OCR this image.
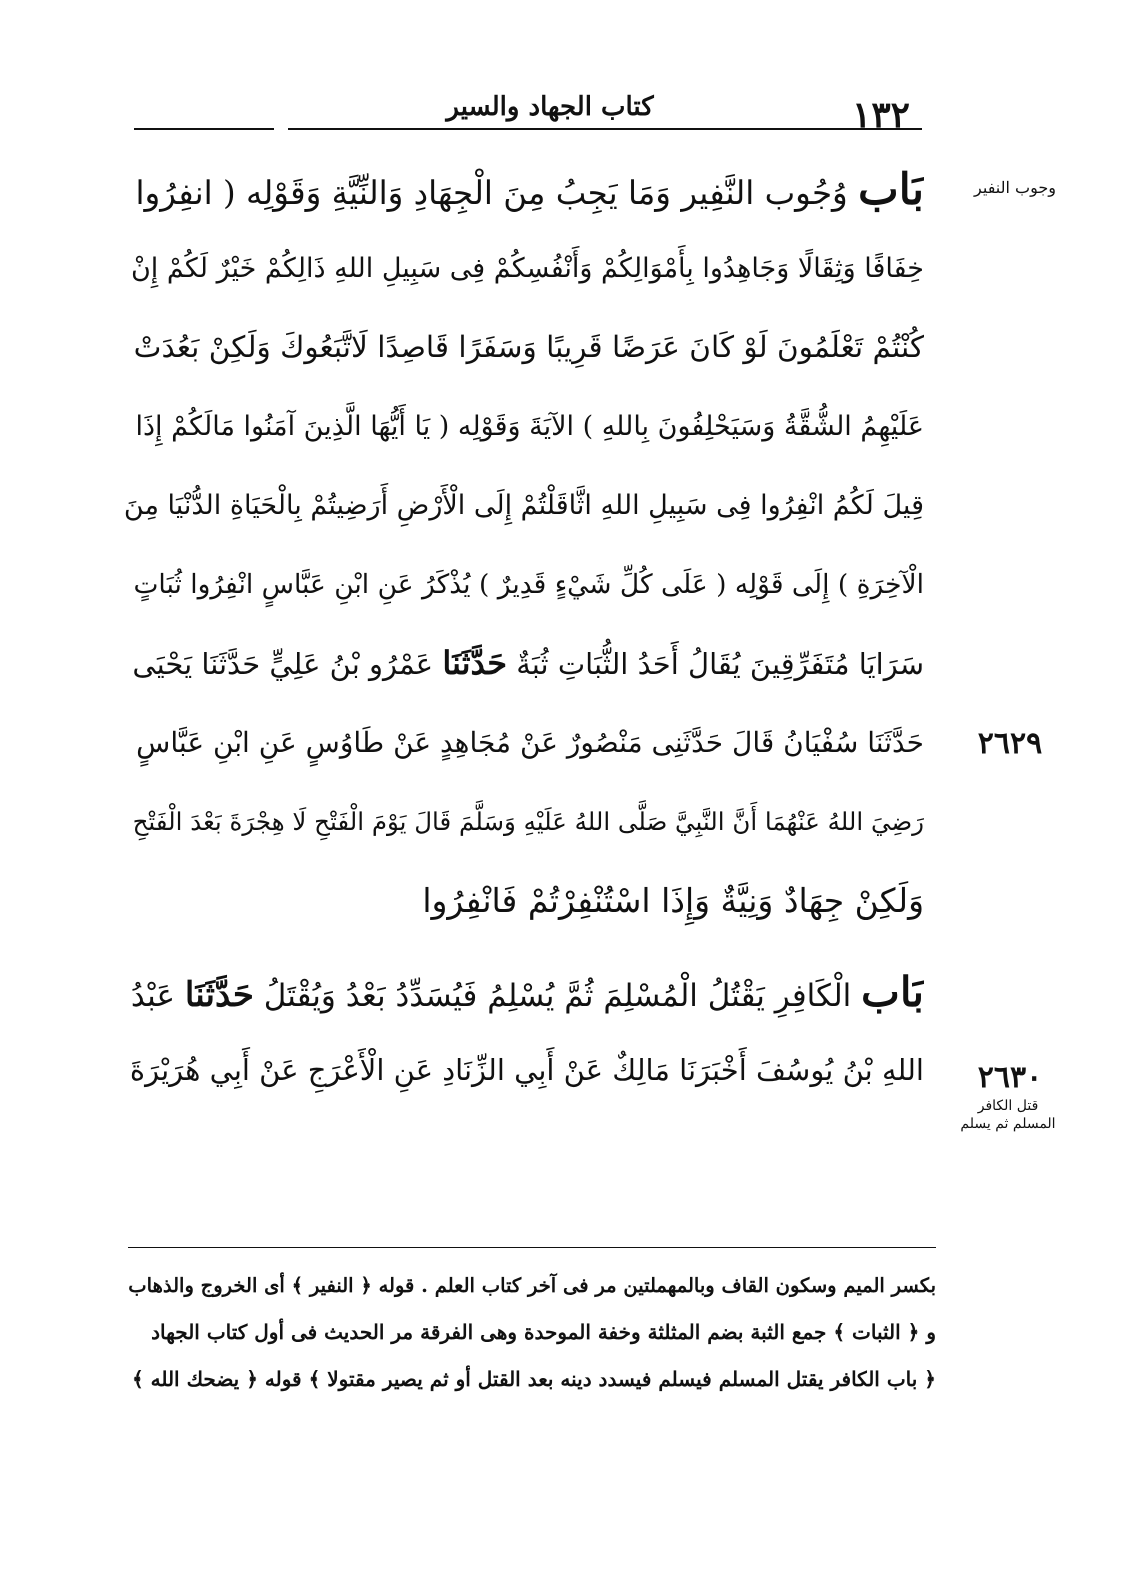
١٣٢
كتاب الجهاد والسير
وجوب النفير
٢٦٢٩
٢٦٣٠
قتل الكافر
المسلم ثم يسلم
بَاب وُجُوب النَّفِير وَمَا يَجِبُ مِنَ الْجِهَادِ وَالنِّيَّةِ وَقَوْلِه ( انفِرُوا
خِفَافًا وَثِقَالًا وَجَاهِدُوا بِأَمْوَالِكُمْ وَأَنْفُسِكُمْ فِى سَبِيلِ اللهِ ذَالِكُمْ خَيْرٌ لَكُمْ إِنْ
كُنْتُمْ تَعْلَمُونَ لَوْ كَانَ عَرَضًا قَرِيبًا وَسَفَرًا قَاصِدًا لَاتَّبَعُوكَ وَلَكِنْ بَعُدَتْ
عَلَيْهِمُ الشُّقَّةُ وَسَيَحْلِفُونَ بِاللهِ ) الآيَةَ وَقَوْلِه ( يَا أَيُّهَا الَّذِينَ آمَنُوا مَالَكُمْ إِذَا
قِيلَ لَكُمُ انْفِرُوا فِى سَبِيلِ اللهِ اثَّاقَلْتُمْ إِلَى الْأَرْضِ أَرَضِيتُمْ بِالْحَيَاةِ الدُّنْيَا مِنَ
الْآخِرَةِ ) إِلَى قَوْلِه ( عَلَى كُلِّ شَيْءٍ قَدِيرٌ ) يُذْكَرُ عَنِ ابْنِ عَبَّاسٍ انْفِرُوا ثُبَاتٍ
سَرَايَا مُتَفَرِّقِينَ يُقَالُ أَحَدُ الثُّبَاتِ ثُبَةٌ حَدَّثَنَا عَمْرُو بْنُ عَلِيٍّ حَدَّثَنَا يَحْيَى
حَدَّثَنَا سُفْيَانُ قَالَ حَدَّثَنِى مَنْصُورٌ عَنْ مُجَاهِدٍ عَنْ طَاوُسٍ عَنِ ابْنِ عَبَّاسٍ
رَضِيَ اللهُ عَنْهُمَا أَنَّ النَّبِيَّ صَلَّى اللهُ عَلَيْهِ وَسَلَّمَ قَالَ يَوْمَ الْفَتْحِ لَا هِجْرَةَ بَعْدَ الْفَتْحِ
وَلَكِنْ جِهَادٌ وَنِيَّةٌ وَإِذَا اسْتُنْفِرْتُمْ فَانْفِرُوا
بَاب الْكَافِرِ يَقْتُلُ الْمُسْلِمَ ثُمَّ يُسْلِمُ فَيُسَدِّدُ بَعْدُ وَيُقْتَلُ حَدَّثَنَا عَبْدُ
اللهِ بْنُ يُوسُفَ أَخْبَرَنَا مَالِكٌ عَنْ أَبِي الزِّنَادِ عَنِ الْأَعْرَجِ عَنْ أَبِي هُرَيْرَةَ
بكسر الميم وسكون القاف وبالمهملتين مر فى آخر كتاب العلم . قوله ﴿ النفير ﴾ أى الخروج والذهاب
و ﴿ الثبات ﴾ جمع الثبة بضم المثلثة وخفة الموحدة وهى الفرقة مر الحديث فى أول كتاب الجهاد
﴿ باب الكافر يقتل المسلم فيسلم فيسدد دينه بعد القتل أو ثم يصير مقتولا ﴾ قوله ﴿ يضحك الله ﴾
